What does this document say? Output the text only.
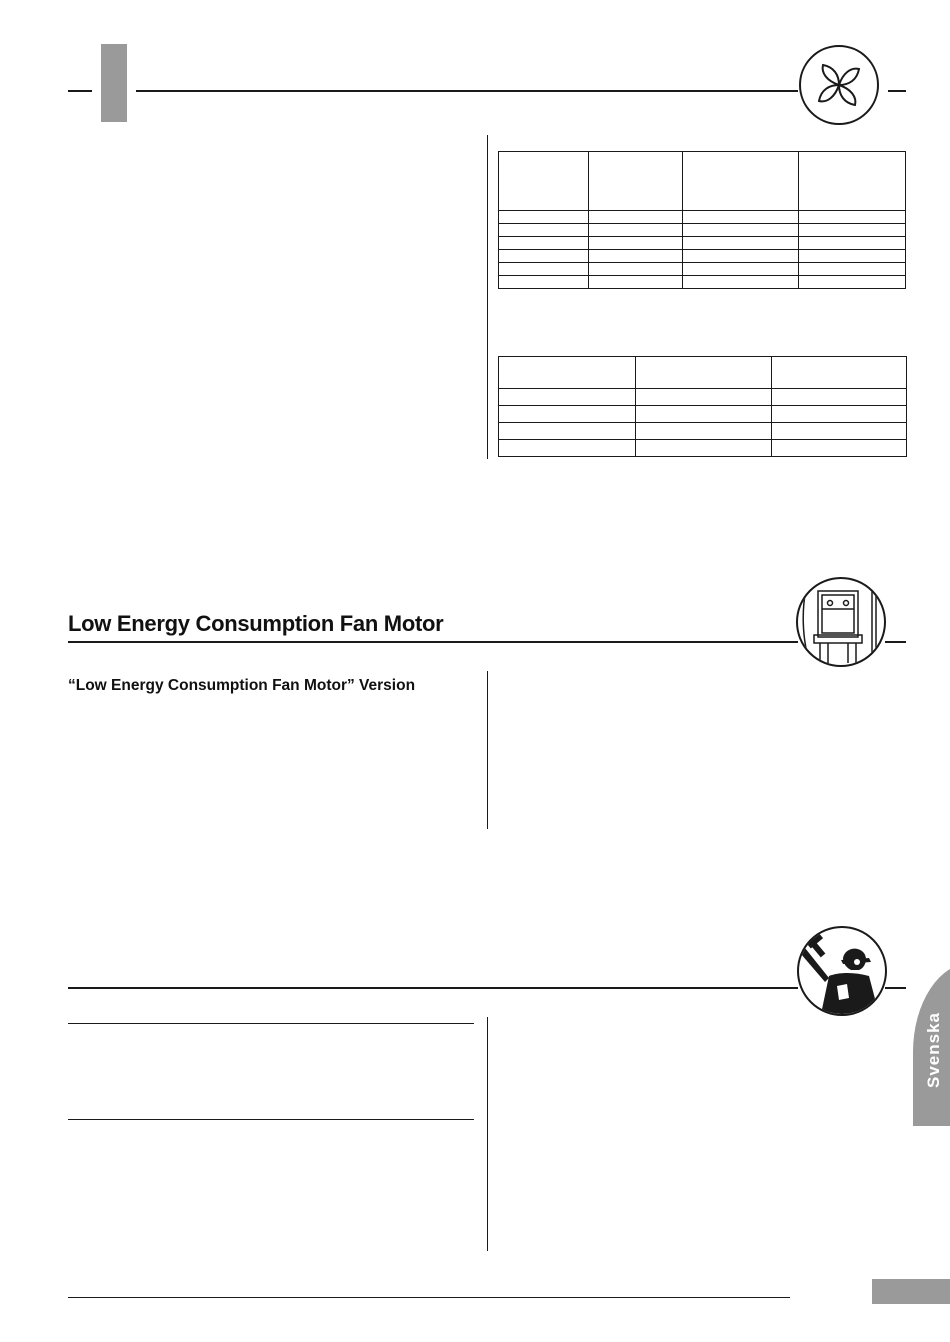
Low Energy Consumption Fan Motor
“Low Energy Consumption Fan Motor” Version
Svenska
